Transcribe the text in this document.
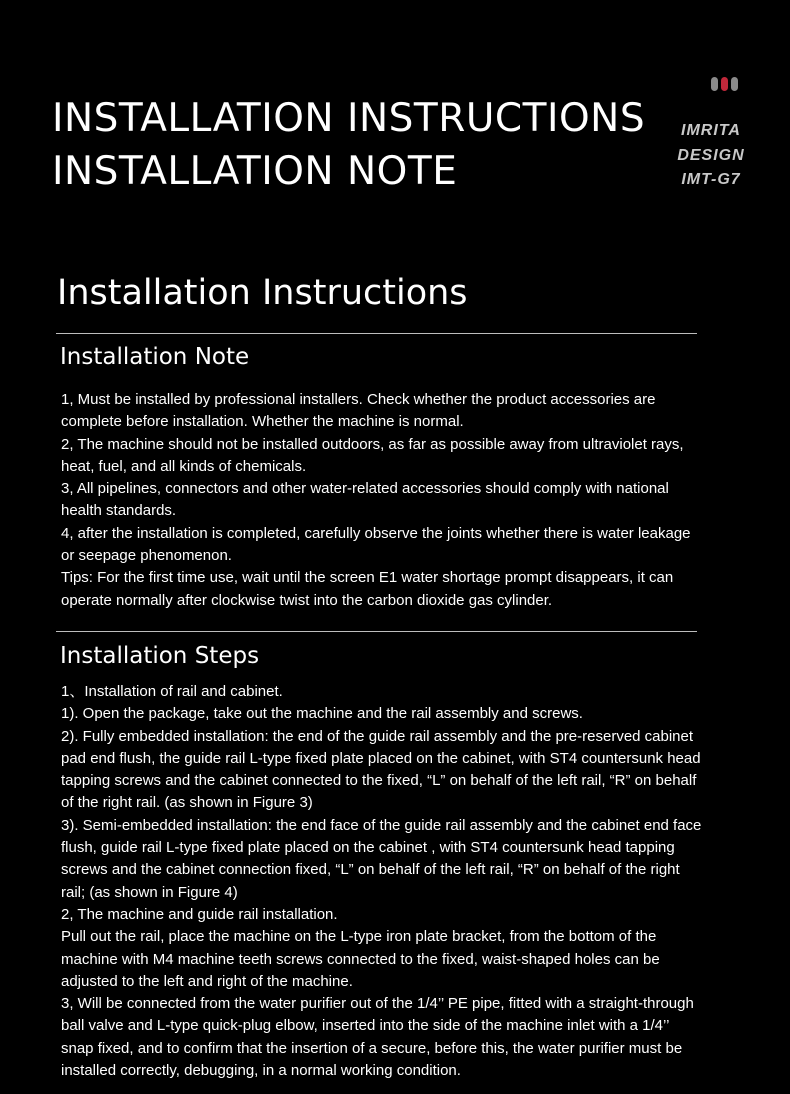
INSTALLATION INSTRUCTIONS
INSTALLATION NOTE
IMRITA
DESIGN
IMT-G7
Installation Instructions
Installation Note

1, Must be installed by professional installers. Check whether the product accessories are complete before installation. Whether the machine is normal.

2, The machine should not be installed outdoors, as far as possible away from ultraviolet rays, heat, fuel, and all kinds of chemicals.

3, All pipelines, connectors and other water-related accessories should comply with national health standards.

4, after the installation is completed, carefully observe the joints whether there is water leakage or seepage phenomenon.

Tips: For the first time use, wait until the screen E1 water shortage prompt disappears, it can operate normally after clockwise twist into the carbon dioxide gas cylinder.

Installation Steps

1、Installation of rail and cabinet.

1). Open the package, take out the machine and the rail assembly and screws.

2). Fully embedded installation: the end of the guide rail assembly and the pre-reserved cabinet pad end flush, the guide rail L-type fixed plate placed on the cabinet, with ST4 countersunk head tapping screws and the cabinet connected to the fixed, “L” on behalf of the left rail, “R” on behalf of the right rail. (as shown in Figure 3)

3). Semi-embedded installation: the end face of the guide rail assembly and the cabinet end face flush, guide rail L-type fixed plate placed on the cabinet , with ST4 countersunk head tapping screws and the cabinet connection fixed, “L” on behalf of the left rail, “R” on behalf of the right rail; (as shown in Figure 4)

2, The machine and guide rail installation.

Pull out the rail, place the machine on the L-type iron plate bracket, from the bottom of the machine with M4 machine teeth screws connected to the fixed, waist-shaped holes can be adjusted to the left and right of the machine.

3, Will be connected from the water purifier out of the 1/4’’ PE pipe, fitted with a straight-through ball valve and L-type quick-plug elbow, inserted into the side of the machine inlet with a 1/4’’ snap fixed, and to confirm that the insertion of a secure, before this, the water purifier must be installed correctly, debugging, in a normal working condition.
